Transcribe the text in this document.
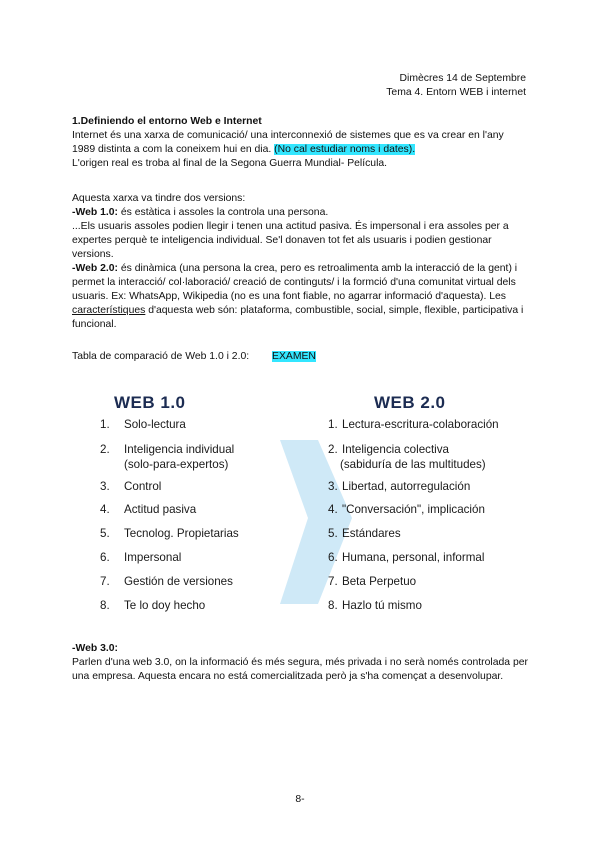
Dimècres 14 de Septembre
Tema 4. Entorn WEB i internet

1.Definiendo el entorno Web e Internet

Internet és una xarxa de comunicació/ una interconnexió de sistemes que es va crear en l'any 1989 distinta a com la coneixem hui en dia. (No cal estudiar noms i dates).

L'origen real es troba al final de la Segona Guerra Mundial- Película.

Aquesta xarxa va tindre dos versions:

-Web 1.0: és estàtica i assoles la controla una persona.

...Els usuaris assoles podien llegir i tenen una actitud pasiva. És impersonal i era assoles per a expertes perquè te inteligencia individual. Se'l donaven tot fet als usuaris i podien gestionar versions.

-Web 2.0: és dinàmica (una persona la crea, pero es retroalimenta amb la interacció de la gent) i permet la interacció/ col·laboració/ creació de continguts/ i la formció d'una comunitat virtual dels usuaris. Ex: WhatsApp, Wikipedia (no es una font fiable, no agarrar informació d'aquesta). Les característiques d'aquesta web són: plataforma, combustible, social, simple, flexible, participativa i funcional.

Tabla de comparació de Web 1.0 i 2.0: EXAMEN
WEB 1.0	WEB 2.0
1. Solo-lectura
2. Inteligencia individual
(solo-para-expertos)
3. Control
4. Actitud pasiva
5. Tecnolog. Propietarias
6. Impersonal
7. Gestión de versiones
8. Te lo doy hecho
1. Lectura-escritura-colaboración
2. Inteligencia colectiva
(sabiduría de las multitudes)
3. Libertad, autorregulación
4. "Conversación", implicación
5. Estándares
6. Humana, personal, informal
7. Beta Perpetuo
8. Hazlo tú mismo

-Web 3.0:

Parlen d'una web 3.0, on la informació és més segura, més privada i no serà només controlada per una empresa. Aquesta encara no está comercialitzada però ja s'ha començat a desenvolupar.

8-
